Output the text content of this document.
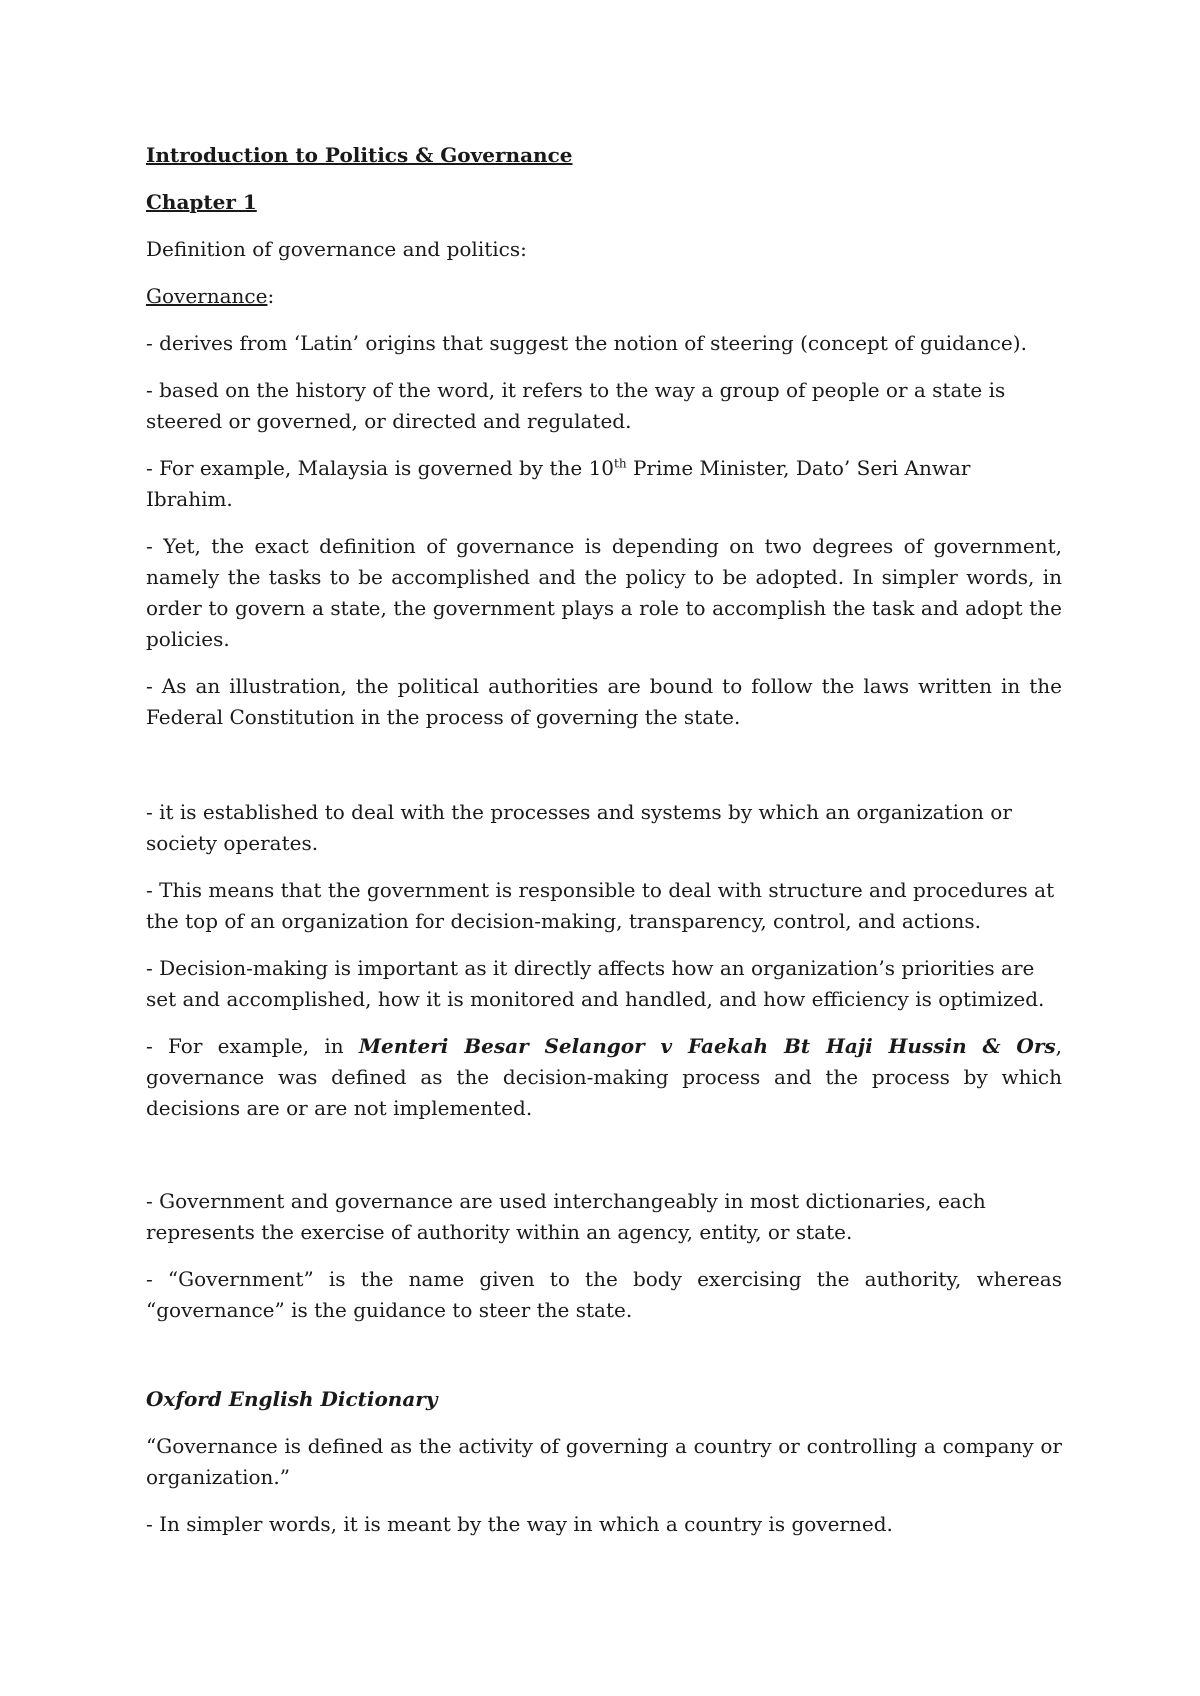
Introduction to Politics & Governance

Chapter 1

Definition of governance and politics:

Governance:

- derives from ‘Latin’ origins that suggest the notion of steering (concept of guidance).

- based on the history of the word, it refers to the way a group of people or a state is steered or governed, or directed and regulated.

- For example, Malaysia is governed by the 10th Prime Minister, Dato’ Seri Anwar Ibrahim.

- Yet, the exact definition of governance is depending on two degrees of government, namely the tasks to be accomplished and the policy to be adopted. In simpler words, in order to govern a state, the government plays a role to accomplish the task and adopt the policies.

- As an illustration, the political authorities are bound to follow the laws written in the Federal Constitution in the process of governing the state.

- it is established to deal with the processes and systems by which an organization or society operates.

- This means that the government is responsible to deal with structure and procedures at the top of an organization for decision-making, transparency, control, and actions.

- Decision-making is important as it directly affects how an organization’s priorities are set and accomplished, how it is monitored and handled, and how efficiency is optimized.

- For example, in Menteri Besar Selangor v Faekah Bt Haji Hussin & Ors, governance was defined as the decision-making process and the process by which decisions are or are not implemented.

- Government and governance are used interchangeably in most dictionaries, each represents the exercise of authority within an agency, entity, or state.

- “Government” is the name given to the body exercising the authority, whereas “governance” is the guidance to steer the state.

Oxford English Dictionary

“Governance is defined as the activity of governing a country or controlling a company or organization.”

- In simpler words, it is meant by the way in which a country is governed.
